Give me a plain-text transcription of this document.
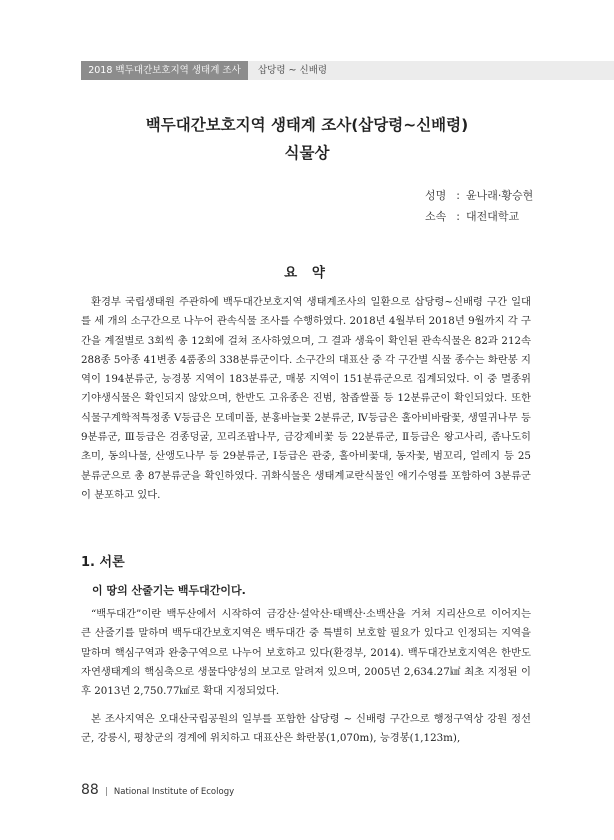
2018 백두대간보호지역 생태계 조사	삽당령 ~ 신배령
백두대간보호지역 생태계 조사(삽당령~신배령)
식물상
성명 : 윤나래·황승현
소속 : 대전대학교
요 약

환경부 국립생태원 주관하에 백두대간보호지역 생태계조사의 일환으로 삽당령~신배령 구간 일대를 세 개의 소구간으로 나누어 관속식물 조사를 수행하였다. 2018년 4월부터 2018년 9월까지 각 구간을 계절별로 3회씩 총 12회에 걸쳐 조사하였으며, 그 결과 생육이 확인된 관속식물은 82과 212속 288종 5아종 41변종 4품종의 338분류군이다. 소구간의 대표산 중 각 구간별 식물 종수는 화란봉 지역이 194분류군, 능경봉 지역이 183분류군, 매봉 지역이 151분류군으로 집계되었다. 이 중 멸종위기야생식물은 확인되지 않았으며, 한반도 고유종은 진범, 참좁쌀풀 등 12분류군이 확인되었다. 또한 식물구계학적특정종 V등급은 모데미풀, 분홍바늘꽃 2분류군, Ⅳ등급은 홀아비바람꽃, 생열귀나무 등 9분류군, Ⅲ등급은 검종덩굴, 꼬리조팝나무, 금강제비꽃 등 22분류군, Ⅱ등급은 왕고사리, 좀나도히초미, 동의나물, 산앵도나무 등 29분류군, Ⅰ등급은 관중, 홀아비꽃대, 동자꽃, 범꼬리, 얼레지 등 25분류군으로 총 87분류군을 확인하였다. 귀화식물은 생태계교란식물인 애기수영를 포함하여 3분류군이 분포하고 있다.

1. 서론
이 땅의 산줄기는 백두대간이다.

“백두대간”이란 백두산에서 시작하여 금강산·설악산·태백산·소백산을 거쳐 지리산으로 이어지는 큰 산줄기를 말하며 백두대간보호지역은 백두대간 중 특별히 보호할 필요가 있다고 인정되는 지역을 말하며 핵심구역과 완충구역으로 나누어 보호하고 있다(환경부, 2014). 백두대간보호지역은 한반도 자연생태계의 핵심축으로 생물다양성의 보고로 알려져 있으며, 2005년 2,634.27㎢ 최초 지정된 이후 2013년 2,750.77㎢로 확대 지정되었다.

본 조사지역은 오대산국립공원의 일부를 포함한 삽당령 ~ 신배령 구간으로 행정구역상 강원 정선군, 강릉시, 평창군의 경계에 위치하고 대표산은 화란봉(1,070m), 능경봉(1,123m),

88 | National Institute of Ecology
